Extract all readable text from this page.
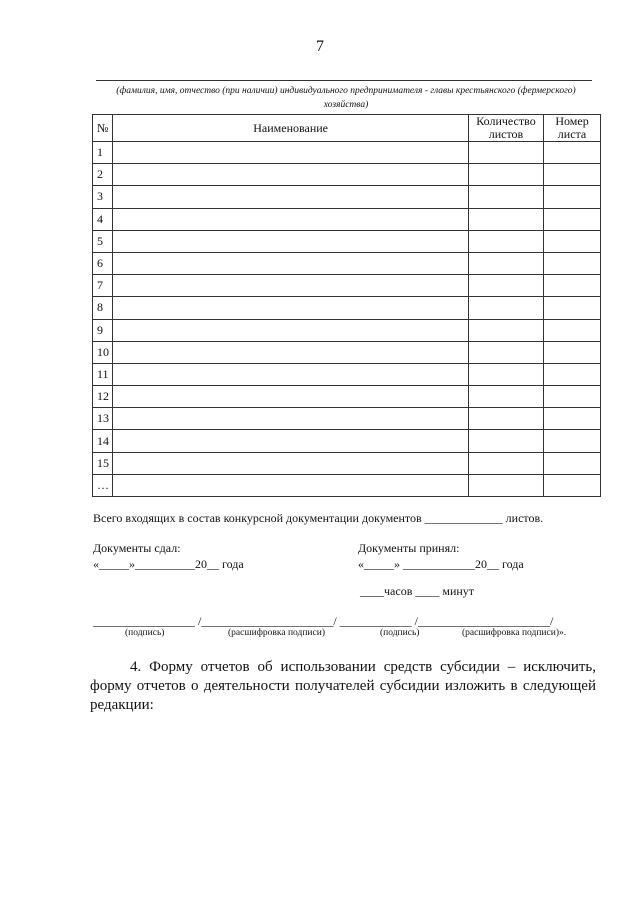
7
(фамилия, имя, отчество (при наличии) индивидуального предпринимателя - главы крестьянского (фермерского) хозяйства)
№	Наименование	Количество листов	Номер листа
1			
2			
3			
4			
5			
6			
7			
8			
9			
10			
11			
12			
13			
14			
15			
…			
Всего входящих в состав конкурсной документации документов _____________ листов.
Документы сдал:
«_____»__________20__ года
Документы принял:
«_____» ____________20__ года
____часов ____ минут
_________________ /______________________/ ____________ /______________________/
(подпись)	(расшифровка подписи)	(подпись)	(расшифровка подписи)».
4. Форму отчетов об использовании средств субсидии – исключить, форму отчетов о деятельности получателей субсидии изложить в следующей редакции:
